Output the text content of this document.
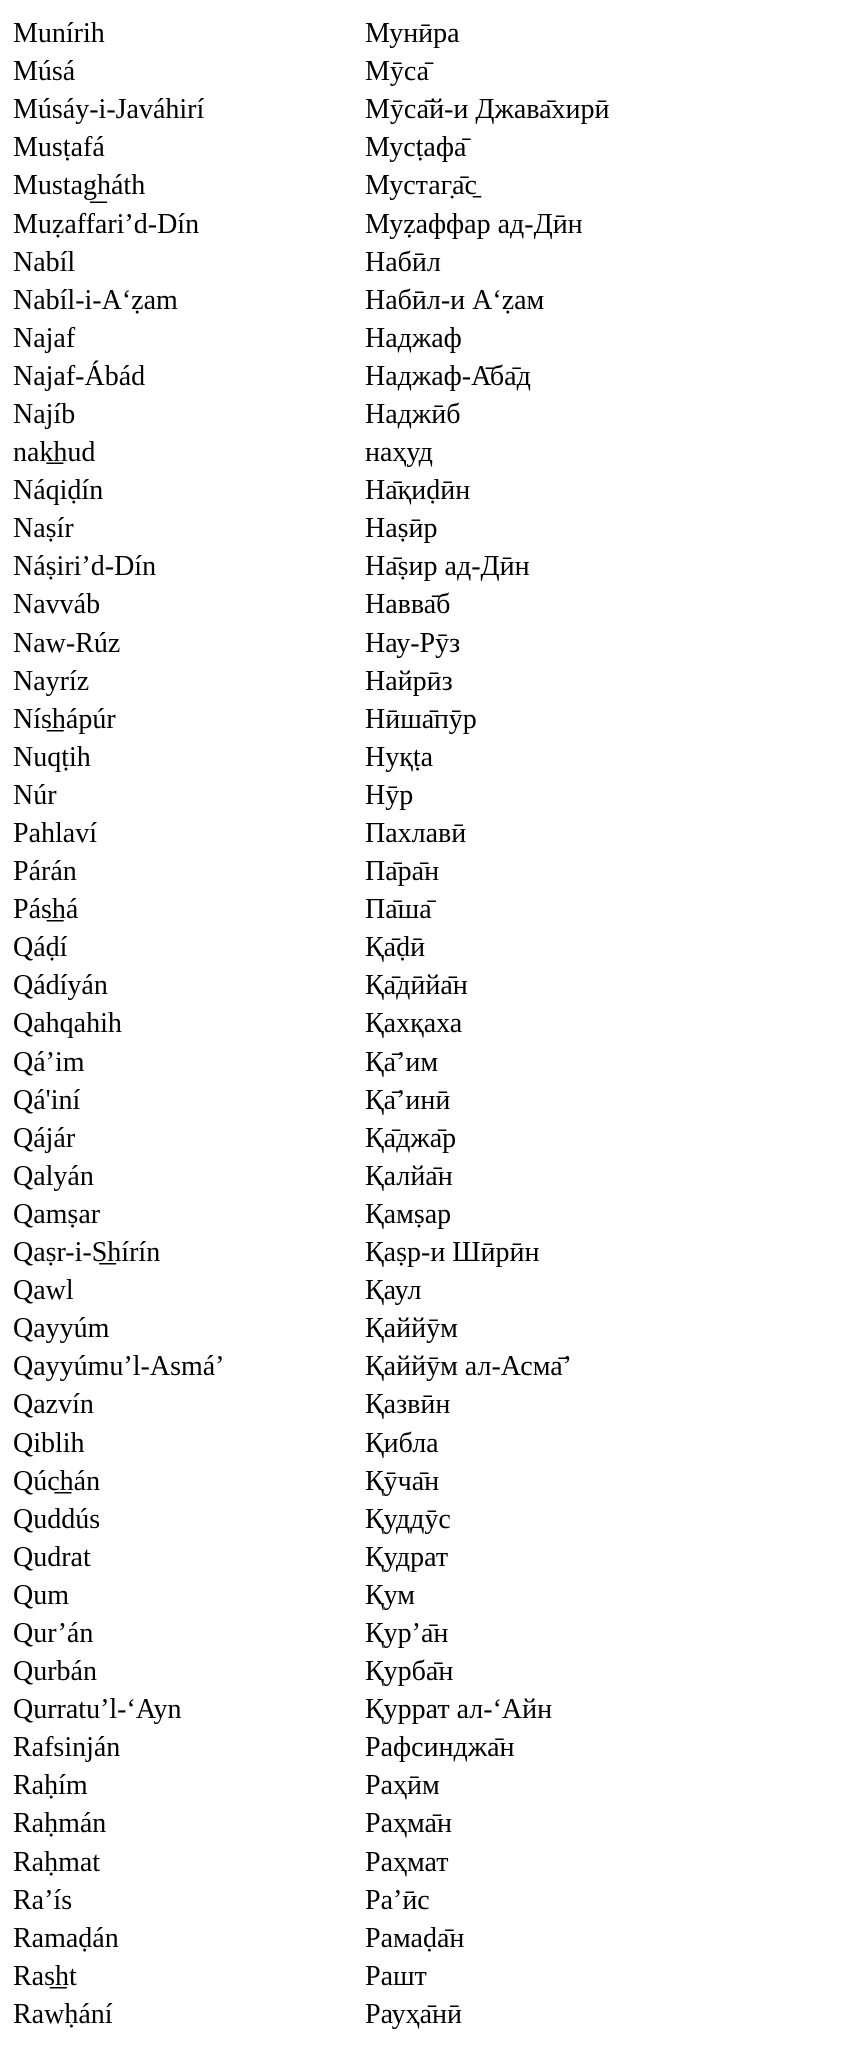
Munírih	Мунӣра
Músá	Мӯса̄
Músáy-i-Javáhirí	Мӯса̄й-и Джава̄хирӣ
Musṭafá	Мусṭафа̄
Mustag͟háth	Мустаг̣а̄с̱
Muẓaffari’d-Dín	Муẓаффар ад-Дӣн
Nabíl	Набӣл
Nabíl-i-A‘ẓam	Набӣл-и А‘ẓам
Najaf	Наджаф
Najaf-Ábád	Наджаф-А̄ба̄д
Najíb	Наджӣб
nak͟hud	наҳуд
Náqiḍín	На̄қиḍӣн
Naṣír	Наṣӣр
Náṣiri’d-Dín	На̄ṣир ад-Дӣн
Navváb	Навва̄б
Naw-Rúz	Нау-Рӯз
Nayríz	Найрӣз
Nís͟hápúr	Нӣша̄пӯр
Nuqṭih	Нуқṭа
Núr	Нӯр
Pahlaví	Пахлавӣ
Párán	Па̄ра̄н
Pás͟há	Па̄ша̄
Qáḍí	Қа̄ḍӣ
Qádíyán	Қа̄дӣйа̄н
Qahqahih	Қахқаха
Qá’im	Қа̄’им
Qá'iní	Қа̄’инӣ
Qájár	Қа̄джа̄р
Qalyán	Қалйа̄н
Qamṣar	Қамṣар
Qaṣr-i-S͟hírín	Қаṣр-и Шӣрӣн
Qawl	Қаул
Qayyúm	Қаййӯм
Qayyúmu’l-Asmá’	Қаййӯм ал-Асма̄’
Qazvín	Қазвӣн
Qiblih	Қибла
Qúc͟hán	Қӯча̄н
Quddús	Қуддӯс
Qudrat	Қудрат
Qum	Қум
Qur’án	Қур’а̄н
Qurbán	Қурба̄н
Qurratu’l-‘Ayn	Қуррат ал-‘Айн
Rafsinján	Рафсинджа̄н
Raḥím	Раҳӣм
Raḥmán	Раҳма̄н
Raḥmat	Раҳмат
Ra’ís	Ра’ӣс
Ramaḍán	Рамаḍа̄н
Ras͟ht	Рашт
Rawḥání	Рауҳа̄нӣ
